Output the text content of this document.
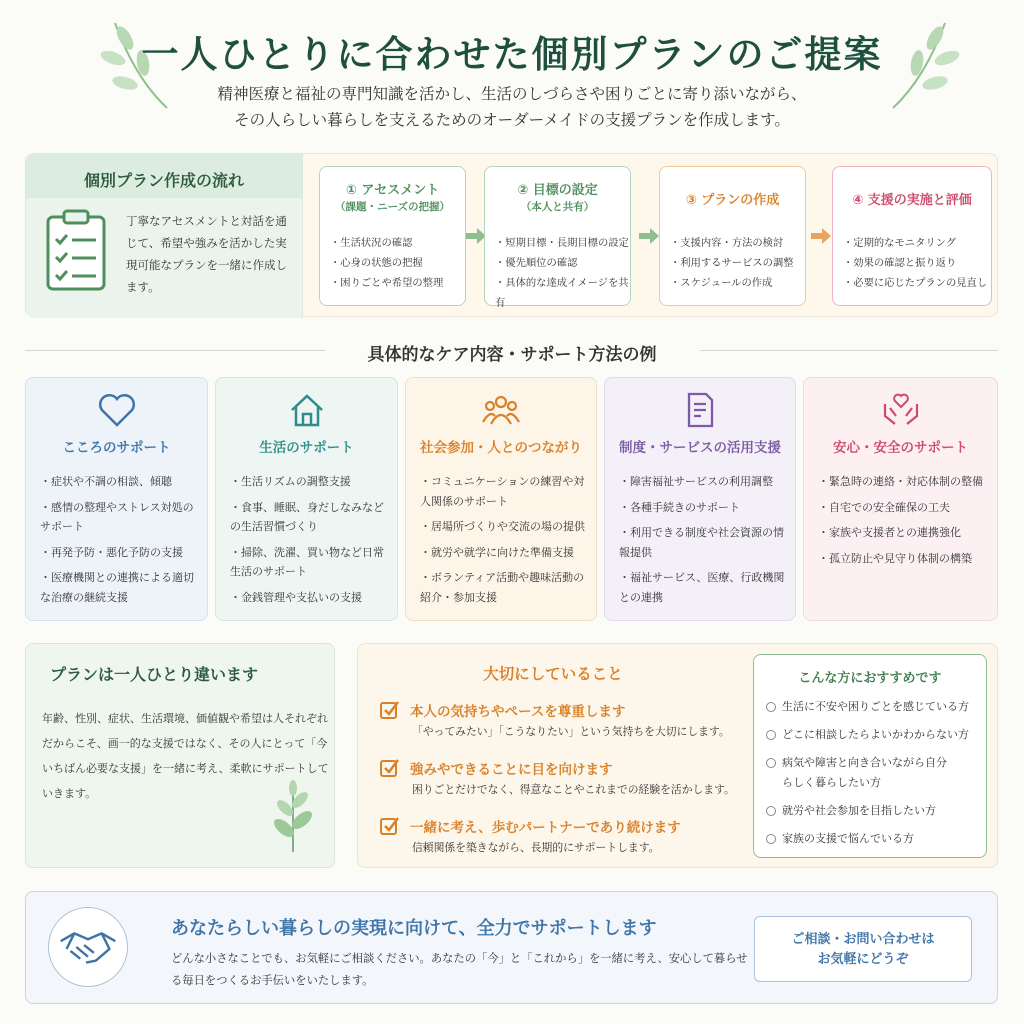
一人ひとりに合わせた個別プランのご提案
精神医療と福祉の専門知識を活かし、生活のしづらさや困りごとに寄り添いながら、
その人らしい暮らしを支えるためのオーダーメイドの支援プランを作成します。
個別プラン作成の流れ

丁寧なアセスメントと対話を通じて、希望や強みを活かした実現可能なプランを一緒に作成します。

① アセスメント
（課題・ニーズの把握）
・生活状況の確認
・心身の状態の把握
・困りごとや希望の整理
② 目標の設定
（本人と共有）
・短期目標・長期目標の設定
・優先順位の確認
・具体的な達成イメージを共有
③ プランの作成
・支援内容・方法の検討
・利用するサービスの調整
・スケジュールの作成
④ 支援の実施と評価
・定期的なモニタリング
・効果の確認と振り返り
・必要に応じたプランの見直し
具体的なケア内容・サポート方法の例
こころのサポート
・症状や不調の相談、傾聴
・感情の整理やストレス対処のサポート
・再発予防・悪化予防の支援
・医療機関との連携による適切な治療の継続支援
生活のサポート
・生活リズムの調整支援
・食事、睡眠、身だしなみなどの生活習慣づくり
・掃除、洗濯、買い物など日常生活のサポート
・金銭管理や支払いの支援
社会参加・人とのつながり
・コミュニケーションの練習や対人関係のサポート
・居場所づくりや交流の場の提供
・就労や就学に向けた準備支援
・ボランティア活動や趣味活動の紹介・参加支援
制度・サービスの活用支援
・障害福祉サービスの利用調整
・各種手続きのサポート
・利用できる制度や社会資源の情報提供
・福祉サービス、医療、行政機関との連携
安心・安全のサポート
・緊急時の連絡・対応体制の整備
・自宅での安全確保の工夫
・家族や支援者との連携強化
・孤立防止や見守り体制の構築
プランは一人ひとり違います

年齢、性別、症状、生活環境、価値観や希望は人それぞれだからこそ、画一的な支援ではなく、その人にとって「今いちばん必要な支援」を一緒に考え、柔軟にサポートしていきます。

大切にしていること
本人の気持ちやペースを尊重します
「やってみたい」「こうなりたい」という気持ちを大切にします。
強みやできることに目を向けます
困りごとだけでなく、得意なことやこれまでの経験を活かします。
一緒に考え、歩むパートナーであり続けます
信頼関係を築きながら、長期的にサポートします。
こんな方におすすめです
生活に不安や困りごとを感じている方
どこに相談したらよいかわからない方
病気や障害と向き合いながら自分らしく暮らしたい方
就労や社会参加を目指したい方
家族の支援で悩んでいる方
あなたらしい暮らしの実現に向けて、全力でサポートします

どんな小さなことでも、お気軽にご相談ください。あなたの「今」と「これから」を一緒に考え、安心して暮らせる毎日をつくるお手伝いをいたします。

ご相談・お問い合わせは
お気軽にどうぞ
